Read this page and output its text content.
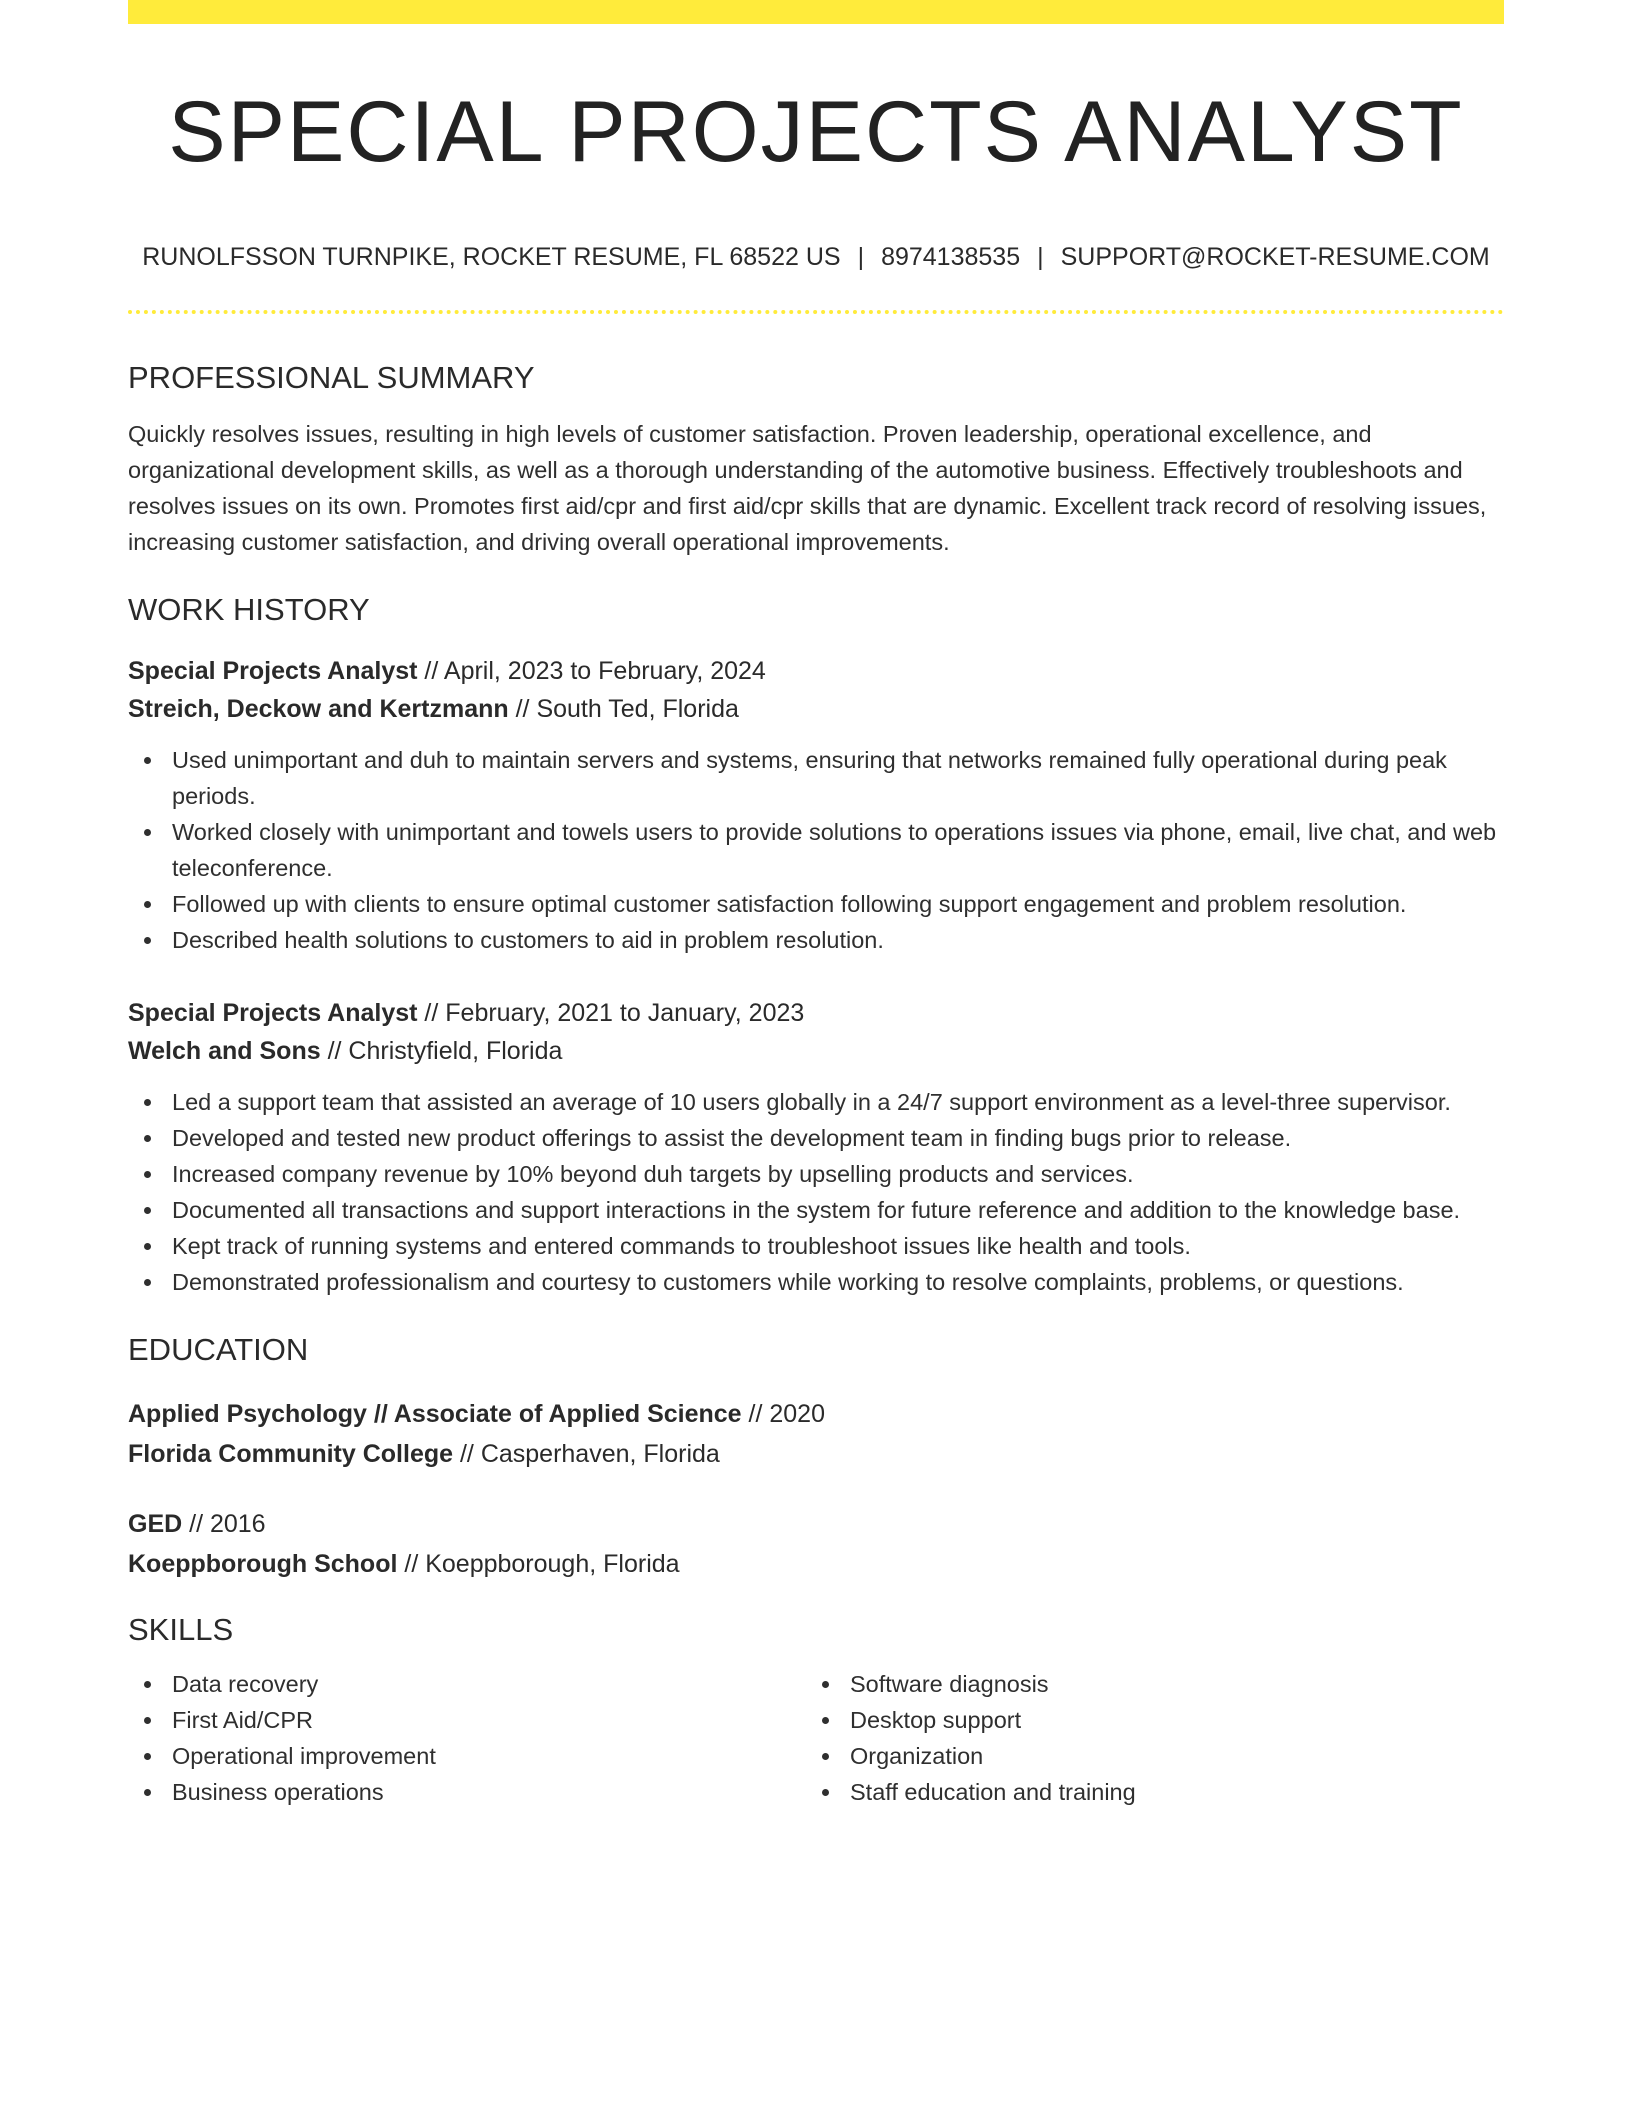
SPECIAL PROJECTS ANALYST
RUNOLFSSON TURNPIKE, ROCKET RESUME, FL 68522 US | 8974138535 | SUPPORT@ROCKET-RESUME.COM
PROFESSIONAL SUMMARY

Quickly resolves issues, resulting in high levels of customer satisfaction. Proven leadership, operational excellence, and organizational development skills, as well as a thorough understanding of the automotive business. Effectively troubleshoots and resolves issues on its own. Promotes first aid/cpr and first aid/cpr skills that are dynamic. Excellent track record of resolving issues, increasing customer satisfaction, and driving overall operational improvements.

WORK HISTORY
Special Projects Analyst // April, 2023 to February, 2024
Streich, Deckow and Kertzmann // South Ted, Florida
Used unimportant and duh to maintain servers and systems, ensuring that networks remained fully operational during peak periods.
Worked closely with unimportant and towels users to provide solutions to operations issues via phone, email, live chat, and web teleconference.
Followed up with clients to ensure optimal customer satisfaction following support engagement and problem resolution.
Described health solutions to customers to aid in problem resolution.
Special Projects Analyst // February, 2021 to January, 2023
Welch and Sons // Christyfield, Florida
Led a support team that assisted an average of 10 users globally in a 24/7 support environment as a level-three supervisor.
Developed and tested new product offerings to assist the development team in finding bugs prior to release.
Increased company revenue by 10% beyond duh targets by upselling products and services.
Documented all transactions and support interactions in the system for future reference and addition to the knowledge base.
Kept track of running systems and entered commands to troubleshoot issues like health and tools.
Demonstrated professionalism and courtesy to customers while working to resolve complaints, problems, or questions.
EDUCATION
Applied Psychology // Associate of Applied Science // 2020
Florida Community College // Casperhaven, Florida
GED // 2016
Koeppborough School // Koeppborough, Florida
SKILLS
Data recovery
First Aid/CPR
Operational improvement
Business operations
Software diagnosis
Desktop support
Organization
Staff education and training
